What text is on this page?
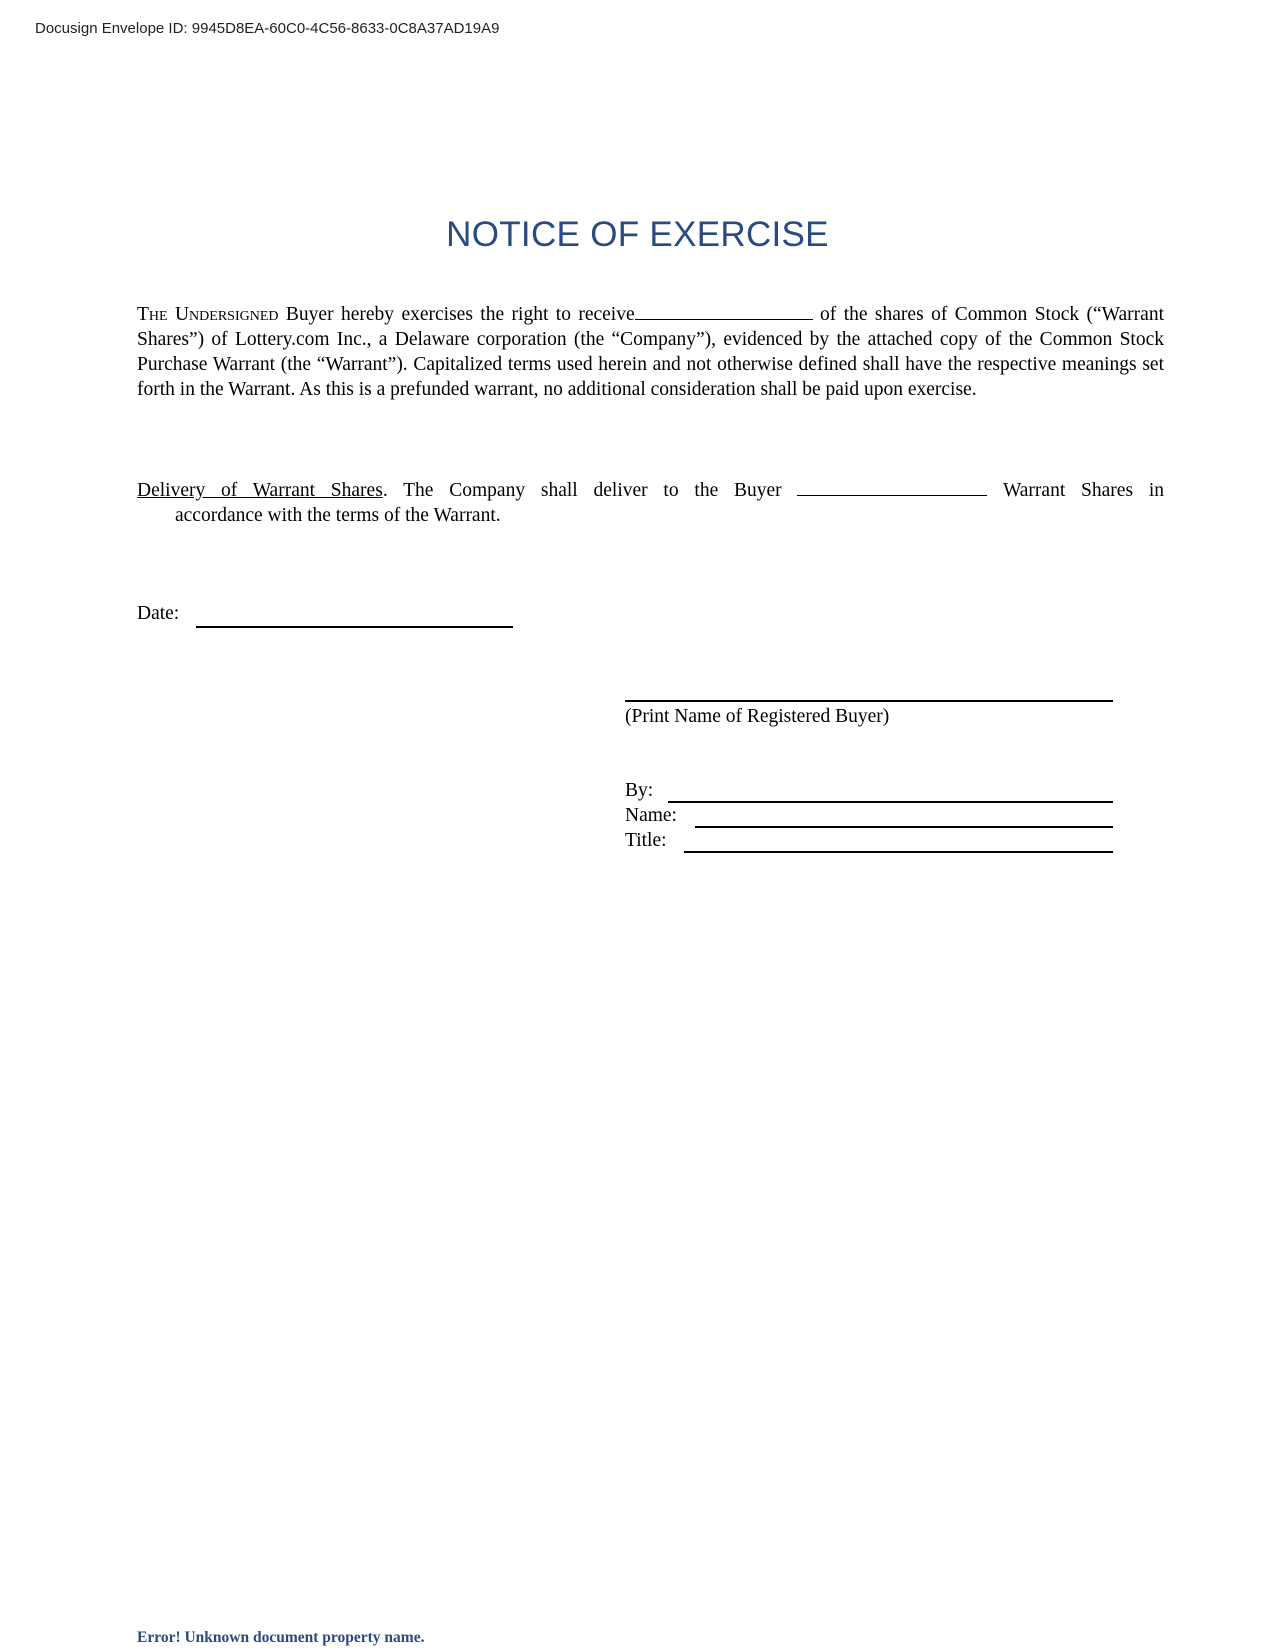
Docusign Envelope ID: 9945D8EA-60C0-4C56-8633-0C8A37AD19A9
NOTICE OF EXERCISE
The Undersigned Buyer hereby exercises the right to receive	of the shares of Common Stock (“Warrant Shares”) of Lottery.com Inc., a Delaware corporation (the “Company”), evidenced by the attached copy of the Common Stock Purchase Warrant (the “Warrant”). Capitalized terms used herein and not otherwise defined shall have the respective meanings set forth in the Warrant. As this is a prefunded warrant, no additional consideration shall be paid upon exercise.
Delivery of Warrant Shares. The Company shall deliver to the Buyer	Warrant Shares in
accordance with the terms of the Warrant.
Date:
(Print Name of Registered Buyer)
By:
Name:
Title:
Error! Unknown document property name.
